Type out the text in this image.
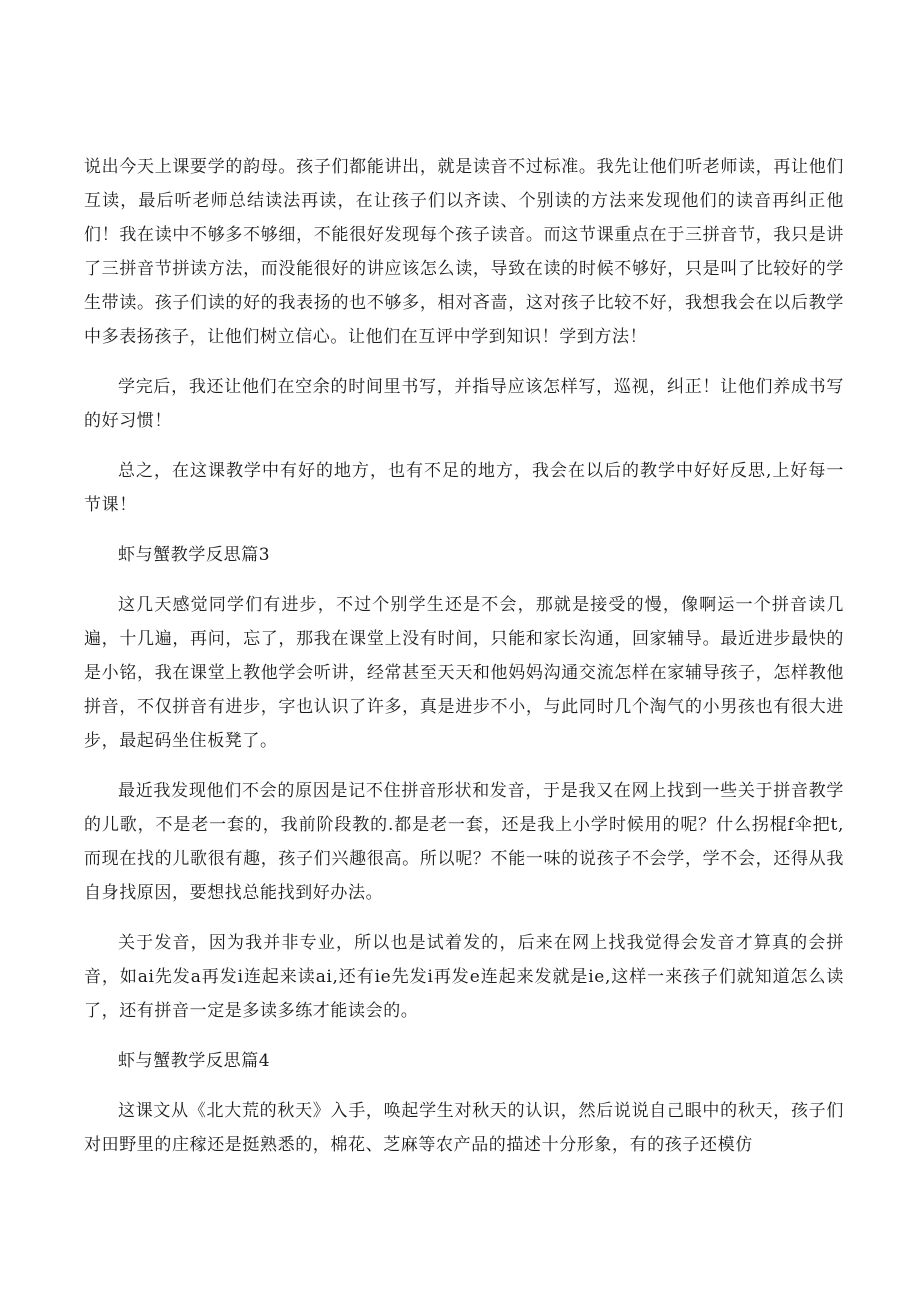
说出今天上课要学的韵母。孩子们都能讲出，就是读音不过标准。我先让他们听老师读，再让他们互读，最后听老师总结读法再读，在让孩子们以齐读、个别读的方法来发现他们的读音再纠正他们！我在读中不够多不够细，不能很好发现每个孩子读音。而这节课重点在于三拼音节，我只是讲了三拼音节拼读方法，而没能很好的讲应该怎么读，导致在读的时候不够好，只是叫了比较好的学生带读。孩子们读的好的我表扬的也不够多，相对吝啬，这对孩子比较不好，我想我会在以后教学中多表扬孩子，让他们树立信心。让他们在互评中学到知识！学到方法！

学完后，我还让他们在空余的时间里书写，并指导应该怎样写，巡视，纠正！让他们养成书写的好习惯！

总之，在这课教学中有好的地方，也有不足的地方，我会在以后的教学中好好反思,上好每一节课！

虾与蟹教学反思篇3

这几天感觉同学们有进步，不过个别学生还是不会，那就是接受的慢，像啊运一个拼音读几遍，十几遍，再问，忘了，那我在课堂上没有时间，只能和家长沟通，回家辅导。最近进步最快的是小铭，我在课堂上教他学会听讲，经常甚至天天和他妈妈沟通交流怎样在家辅导孩子，怎样教他拼音，不仅拼音有进步，字也认识了许多，真是进步不小，与此同时几个淘气的小男孩也有很大进步，最起码坐住板凳了。

最近我发现他们不会的原因是记不住拼音形状和发音，于是我又在网上找到一些关于拼音教学的儿歌，不是老一套的，我前阶段教的.都是老一套，还是我上小学时候用的呢？什么拐棍f伞把t,而现在找的儿歌很有趣，孩子们兴趣很高。所以呢？不能一味的说孩子不会学，学不会，还得从我自身找原因，要想找总能找到好办法。

关于发音，因为我并非专业，所以也是试着发的，后来在网上找我觉得会发音才算真的会拼音，如ai先发a再发i连起来读ai,还有ie先发i再发e连起来发就是ie,这样一来孩子们就知道怎么读了，还有拼音一定是多读多练才能读会的。

虾与蟹教学反思篇4

这课文从《北大荒的秋天》入手，唤起学生对秋天的认识，然后说说自己眼中的秋天，孩子们对田野里的庄稼还是挺熟悉的，棉花、芝麻等农产品的描述十分形象，有的孩子还模仿
